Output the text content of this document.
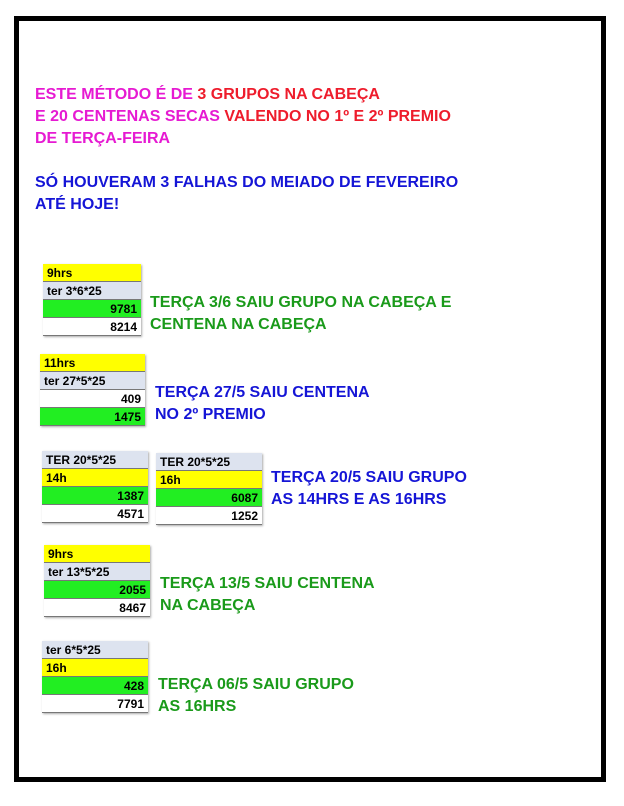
ESTE MÉTODO É DE 3 GRUPOS NA CABEÇA
E 20 CENTENAS SECAS VALENDO NO 1º E 2º PREMIO
DE TERÇA-FEIRA
SÓ HOUVERAM 3 FALHAS DO MEIADO DE FEVEREIRO
ATÉ HOJE!
9hrs
ter 3*6*25
9781
8214
TERÇA 3/6 SAIU GRUPO NA CABEÇA E
CENTENA NA CABEÇA
11hrs
ter 27*5*25
409
1475
TERÇA 27/5 SAIU CENTENA
NO 2º PREMIO
TER 20*5*25
14h
1387
4571
TER 20*5*25
16h
6087
1252
TERÇA 20/5 SAIU GRUPO
AS 14HRS E AS 16HRS
9hrs
ter 13*5*25
2055
8467
TERÇA 13/5 SAIU CENTENA
NA CABEÇA
ter 6*5*25
16h
428
7791
TERÇA 06/5 SAIU GRUPO
AS 16HRS
